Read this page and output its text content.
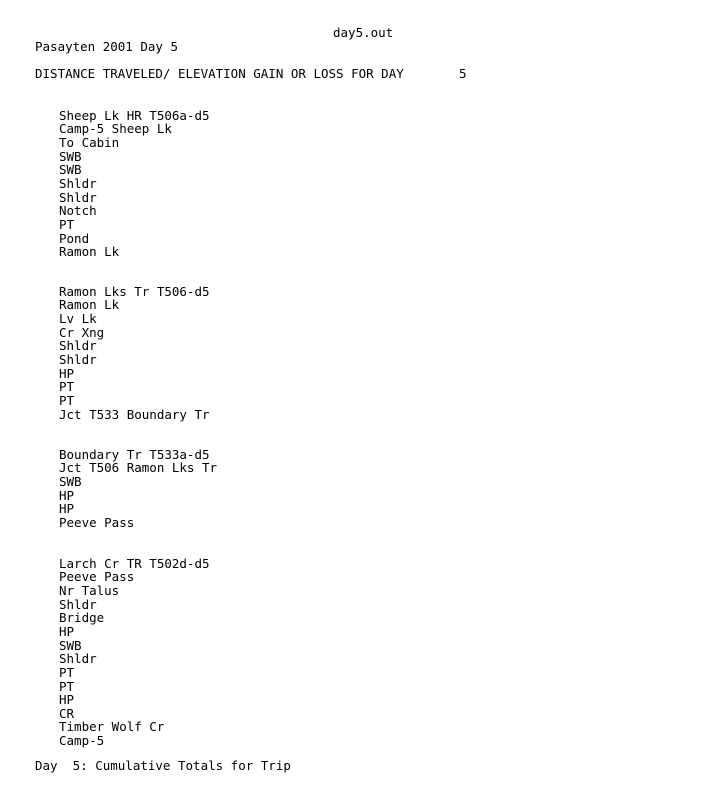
day5.out
Pasayten 2001 Day 5
DISTANCE TRAVELED/ ELEVATION GAIN OR LOSS FOR DAY	5
Sheep Lk HR T506a-d5
Camp-5 Sheep Lk
To Cabin
SWB
SWB
Shldr
Shldr
Notch
PT
Pond
Ramon Lk
Ramon Lks Tr T506-d5
Ramon Lk
Lv Lk
Cr Xng
Shldr
Shldr
HP
PT
PT
Jct T533 Boundary Tr
Boundary Tr T533a-d5
Jct T506 Ramon Lks Tr
SWB
HP
HP
Peeve Pass
Larch Cr TR T502d-d5
Peeve Pass
Nr Talus
Shldr
Bridge
HP
SWB
Shldr
PT
PT
HP
CR
Timber Wolf Cr
Camp-5
Day  5: Cumulative Totals for Trip
